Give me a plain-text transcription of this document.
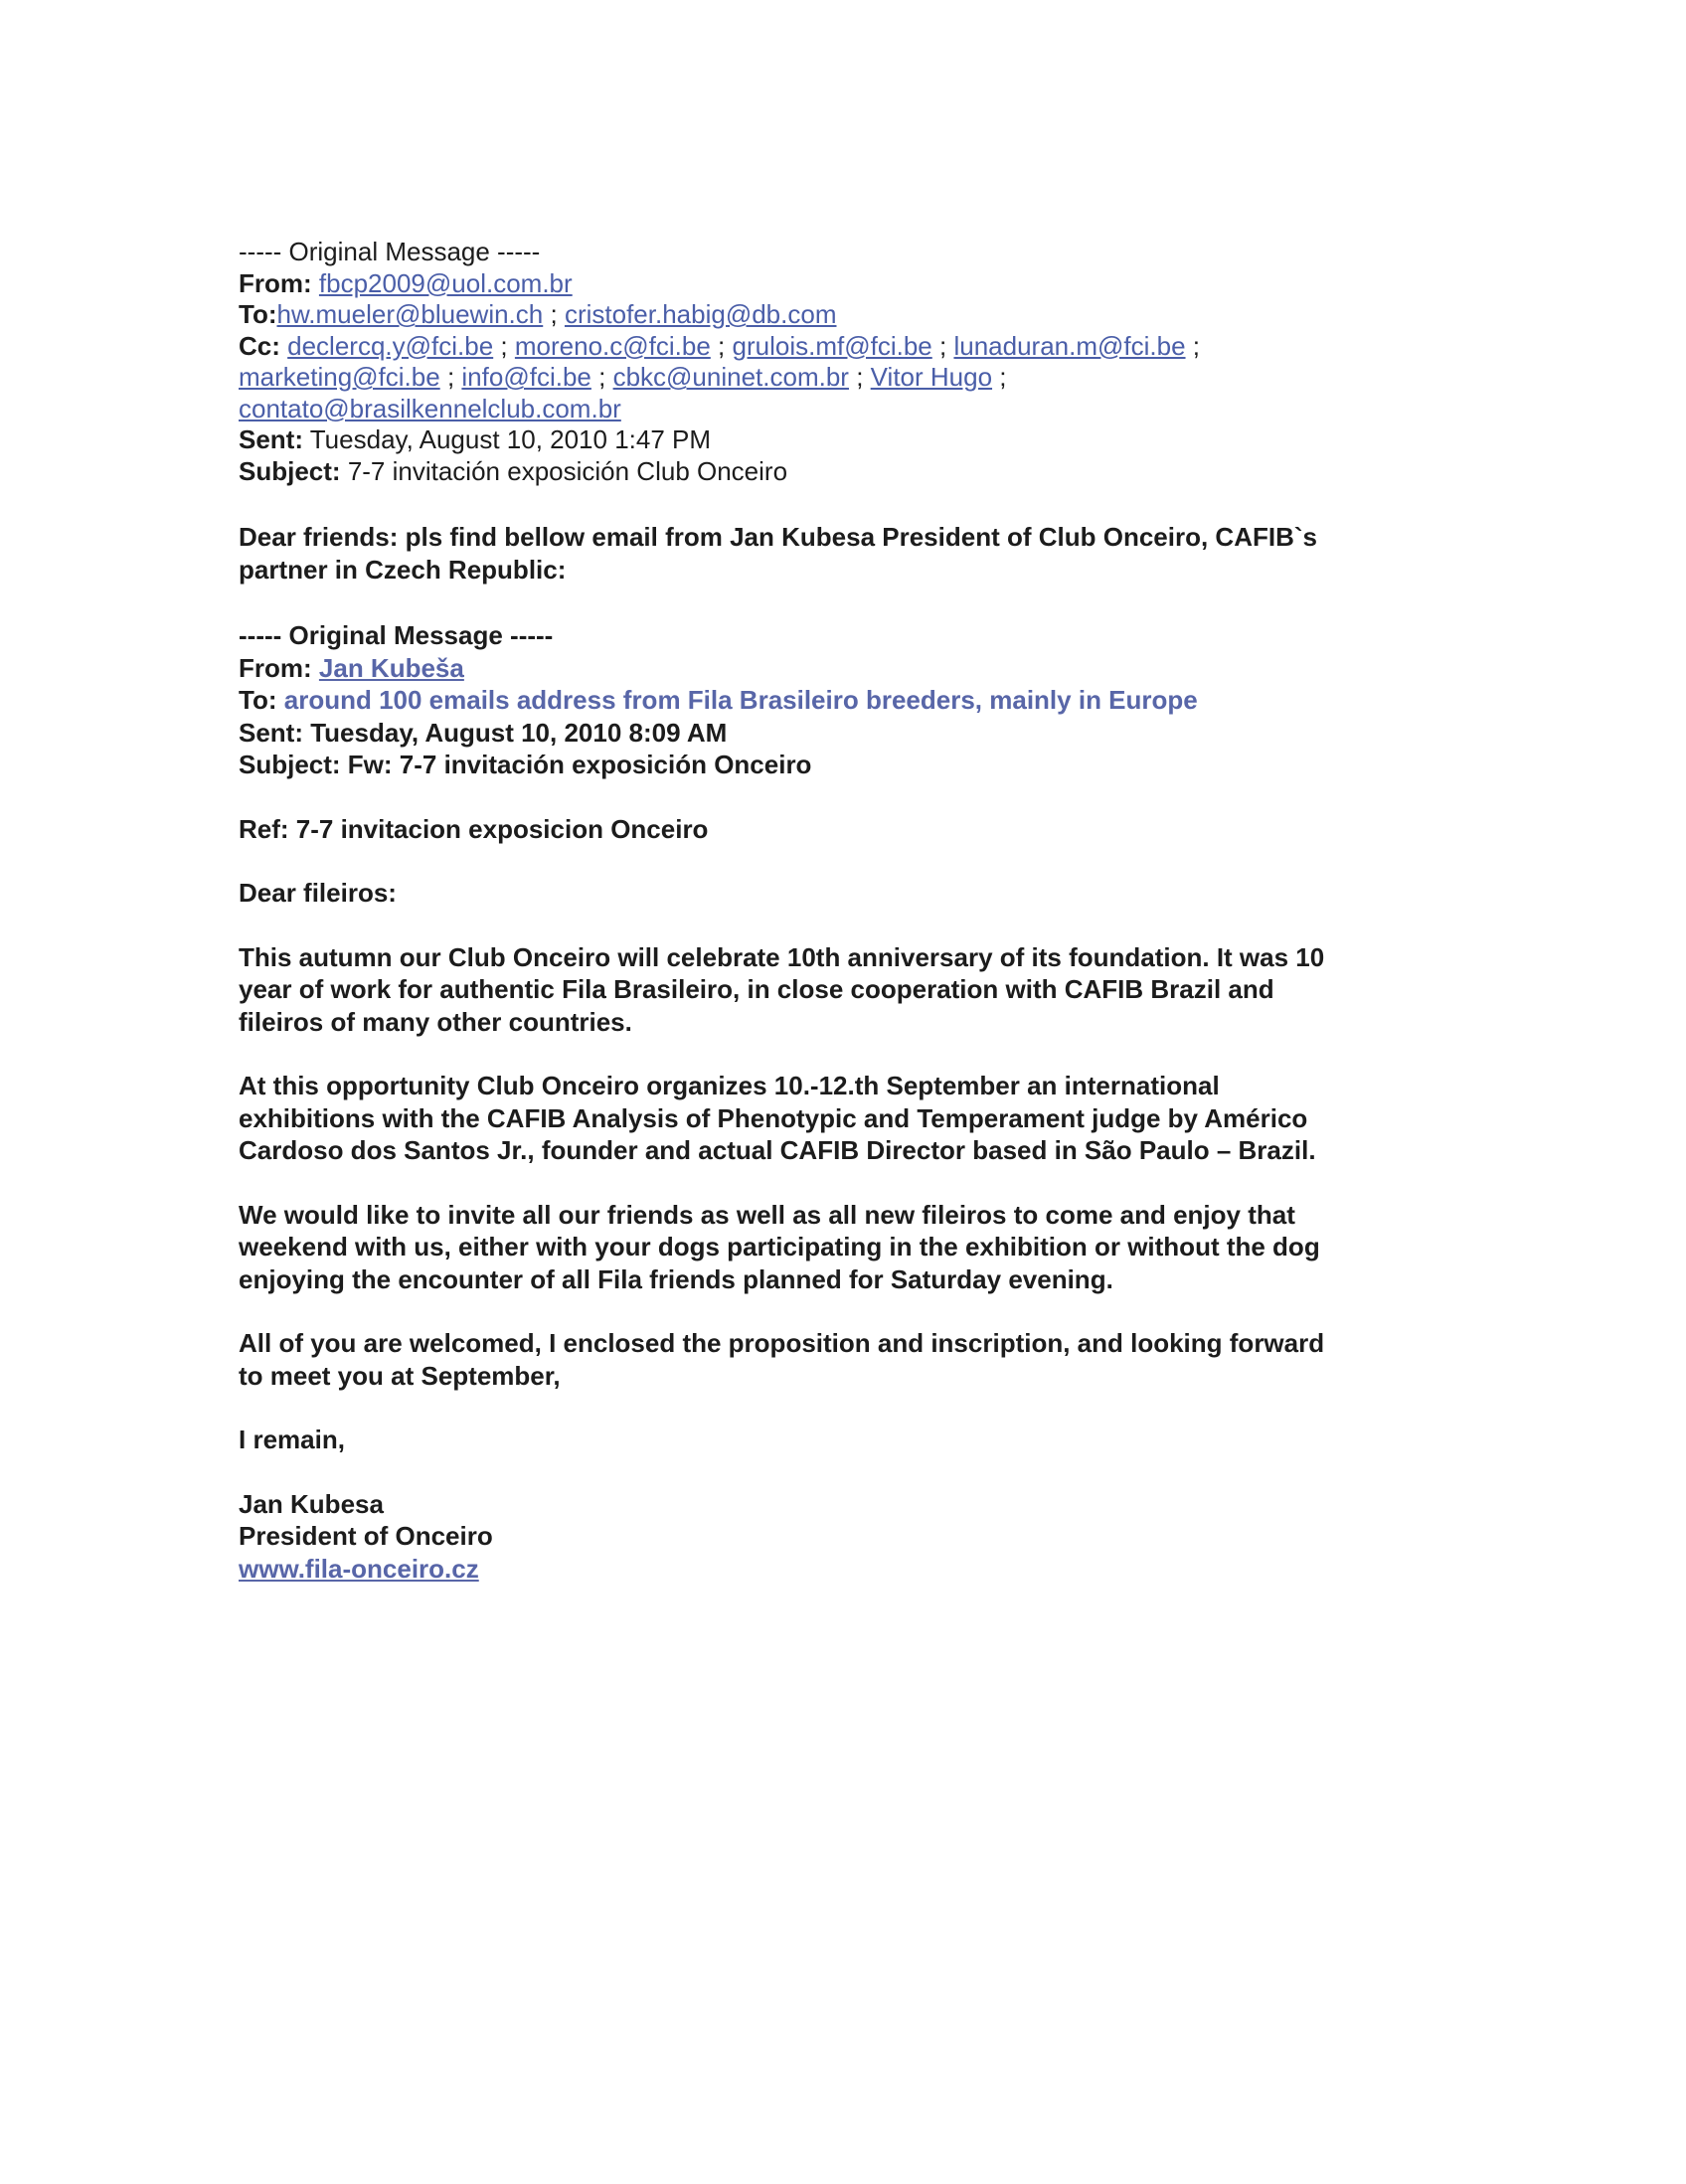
----- Original Message -----
From: fbcp2009@uol.com.br
To:hw.mueler@bluewin.ch ; cristofer.habig@db.com
Cc: declercq.y@fci.be ; moreno.c@fci.be ; grulois.mf@fci.be ; lunaduran.m@fci.be ;
marketing@fci.be ; info@fci.be ; cbkc@uninet.com.br ; Vitor Hugo ;
contato@brasilkennelclub.com.br
Sent: Tuesday, August 10, 2010 1:47 PM
Subject: 7-7 invitación exposición Club Onceiro
Dear friends: pls find bellow email from Jan Kubesa President of Club Onceiro, CAFIB`s
partner in Czech Republic:
----- Original Message -----
From: Jan Kubeša
To: around 100 emails address from Fila Brasileiro breeders, mainly in Europe
Sent: Tuesday, August 10, 2010 8:09 AM
Subject: Fw: 7-7 invitación exposición Onceiro
Ref: 7-7 invitacion exposicion Onceiro
Dear fileiros:
This autumn our Club Onceiro will celebrate 10th anniversary of its foundation. It was 10
year of work for authentic Fila Brasileiro, in close cooperation with CAFIB Brazil and
fileiros of many other countries.
At this opportunity Club Onceiro organizes 10.-12.th September an international
exhibitions with the CAFIB Analysis of Phenotypic and Temperament judge by Américo
Cardoso dos Santos Jr., founder and actual CAFIB Director based in São Paulo – Brazil.
We would like to invite all our friends as well as all new fileiros to come and enjoy that
weekend with us, either with your dogs participating in the exhibition or without the dog
enjoying the encounter of all Fila friends planned for Saturday evening.
All of you are welcomed, I enclosed the proposition and inscription, and looking forward
to meet you at September,
I remain,
Jan Kubesa
President of Onceiro
www.fila-onceiro.cz
